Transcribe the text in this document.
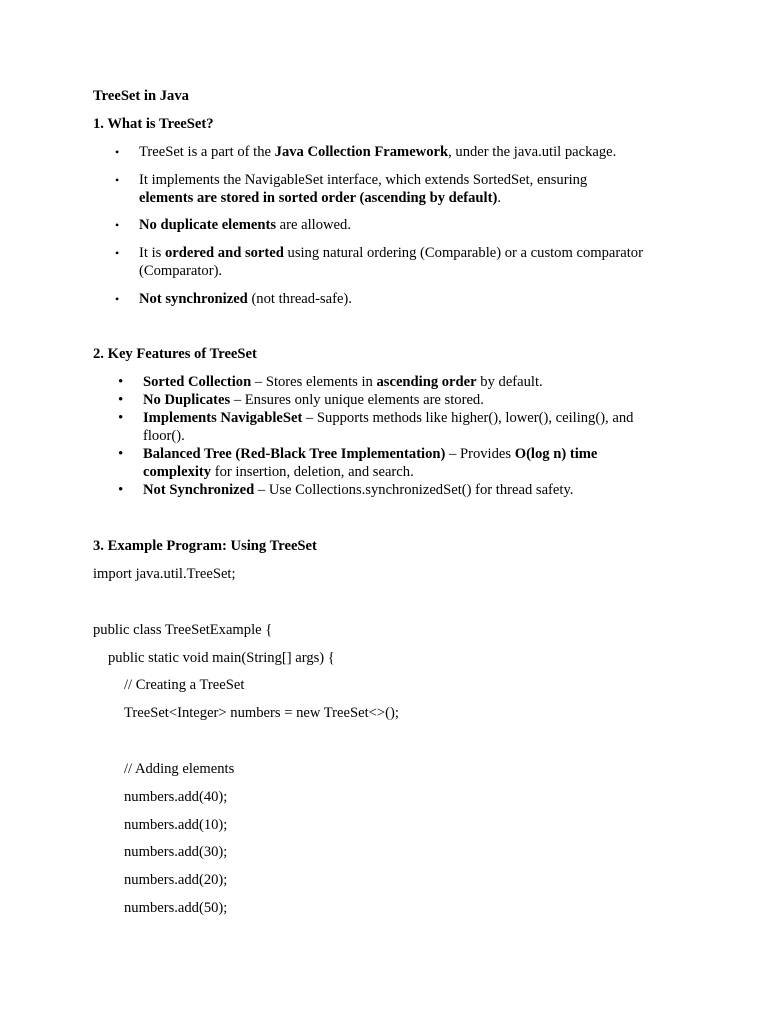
TreeSet in Java
1. What is TreeSet?
• TreeSet is a part of the Java Collection Framework, under the java.util package.
• It implements the NavigableSet interface, which extends SortedSet, ensuring
elements are stored in sorted order (ascending by default).
• No duplicate elements are allowed.
• It is ordered and sorted using natural ordering (Comparable) or a custom comparator
(Comparator).
• Not synchronized (not thread-safe).
2. Key Features of TreeSet
• Sorted Collection – Stores elements in ascending order by default.
• No Duplicates – Ensures only unique elements are stored.
• Implements NavigableSet – Supports methods like higher(), lower(), ceiling(), and
floor().
• Balanced Tree (Red-Black Tree Implementation) – Provides O(log n) time
complexity for insertion, deletion, and search.
• Not Synchronized – Use Collections.synchronizedSet() for thread safety.
3. Example Program: Using TreeSet
import java.util.TreeSet;
public class TreeSetExample {
public static void main(String[] args) {
// Creating a TreeSet
TreeSet<Integer> numbers = new TreeSet<>();
// Adding elements
numbers.add(40);
numbers.add(10);
numbers.add(30);
numbers.add(20);
numbers.add(50);
